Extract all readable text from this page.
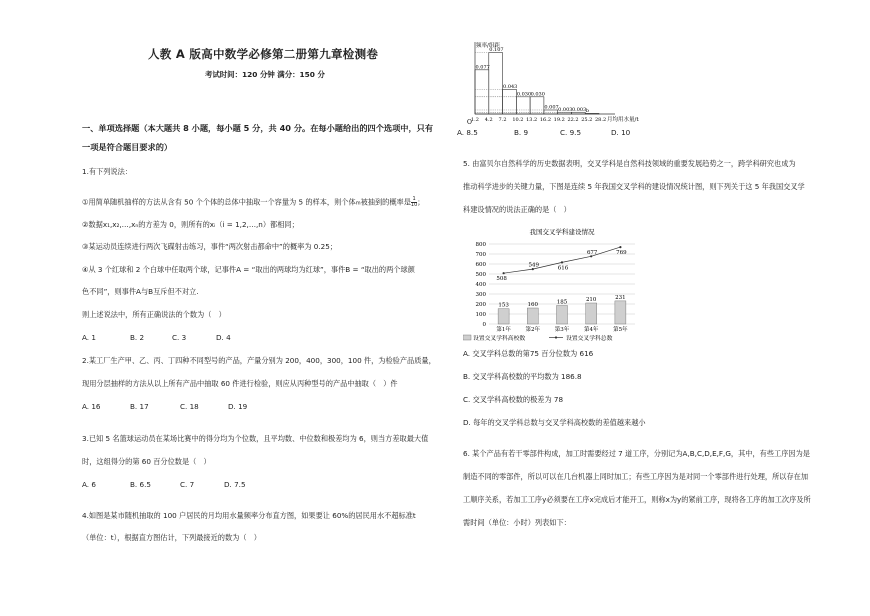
人教 A 版高中数学必修第二册第九章检测卷
考试时间：120 分钟 满分：150 分
一、单项选择题（本大题共 8 小题，每小题 5 分，共 40 分。在每小题给出的四个选项中，只有
一项是符合题目要求的）
1.有下列说法：
①用简单随机抽样的方法从含有 50 个个体的总体中抽取一个容量为 5 的样本，则个体m被抽到的概率是 $\frac{1}{10}$ ；
②数据x₁,x₂,…,xₙ的方差为 0，则所有的xᵢ（i = 1,2,…,n）都相同；
③某运动员连续进行两次飞碟射击练习，事件“两次射击都命中”的概率为 0.25；
④从 3 个红球和 2 个白球中任取两个球，记事件A = “取出的两球均为红球”，事件B = “取出的两个球颜
色不同”，则事件A与B互斥但不对立.
则上述说法中，所有正确说法的个数为（　）
A. 1	B. 2	C. 3	D. 4
2.某工厂生产甲、乙、丙、丁四种不同型号的产品，产量分别为 200，400，300，100 件，为检验产品质量，
现用分层抽样的方法从以上所有产品中抽取 60 件进行检验，则应从丙种型号的产品中抽取（　）件
A. 16	B. 17	C. 18	D. 19
3.已知 5 名篮球运动员在某场比赛中的得分均为个位数，且平均数、中位数和极差均为 6，则当方差取最大值
时，这组得分的第 60 百分位数是（　）
A. 6	B. 6.5	C. 7	D. 7.5
4.如图是某市随机抽取的 100 户居民的月均用水量频率分布直方图，如果要让 60%的居民用水不超标准t
（单位：t），根据直方图估计，下列最接近的数为（　）
O
频率/组距
月均用水量/t
0.077
0.107
0.043
0.030 0.030
0.007 0.003 0.003 b
1.2 4.2 7.2 10.2 13.2 16.2 19.2 22.2 25.2 28.2
A. 8.5	B. 9	C. 9.5	D. 10
5. 由富贝尔自然科学的历史数据表明，交叉学科是自然科技领域的重要发展趋势之一，跨学科研究也成为
推动科学进步的关键力量，下图是连续 5 年我国交叉学科的建设情况统计图，则下列关于这 5 年我国交叉学
科建设情况的说法正确的是（　）
我国交叉学科建设情况
0
100
200
300
400
500
600
700
800
153	160	185	210	231
508
549	616
677	769
第1年	第2年	第3年	第4年	第5年
设置交叉学科高校数	设置交叉学科总数
A. 交叉学科总数的第75 百分位数为 616
B. 交叉学科高校数的平均数为 186.8
C. 交叉学科高校数的极差为 78
D. 每年的交叉学科总数与交叉学科高校数的差值越来越小
6. 某个产品有若干零部件构成，加工时需要经过 7 道工序，分别记为A,B,C,D,E,F,G，其中，有些工序因为是
制造不同的零部件，所以可以在几台机器上同时加工；有些工序因为是对同一个零部件进行处理，所以存在加
工顺序关系，若加工工序y必须要在工序x完成后才能开工，则称x为y的紧前工序，现将各工序的加工次序及所
需时间（单位：小时）列表如下：
